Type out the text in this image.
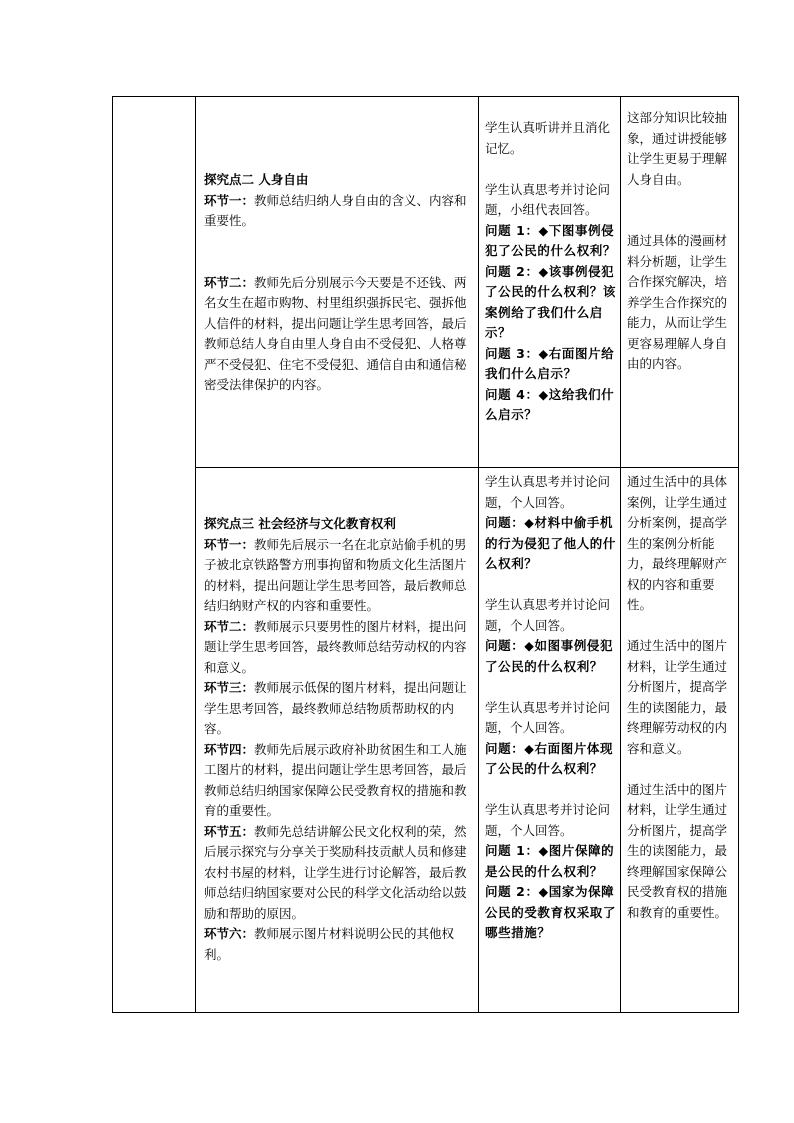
探究点二 人身自由

环节一：教师总结归纳人身自由的含义、内容和重要性。

环节二：教师先后分别展示今天要是不还钱、两名女生在超市购物、村里组织强拆民宅、强拆他人信件的材料，提出问题让学生思考回答，最后教师总结人身自由里人身自由不受侵犯、人格尊严不受侵犯、住宅不受侵犯、通信自由和通信秘密受法律保护的内容。

学生认真听讲并且消化记忆。

学生认真思考并讨论问题，小组代表回答。

问题 1：◆下图事例侵犯了公民的什么权利？

问题 2：◆该事例侵犯了公民的什么权利？该案例给了我们什么启示？

问题 3：◆右面图片给我们什么启示？

问题 4：◆这给我们什么启示？

这部分知识比较抽象，通过讲授能够让学生更易于理解人身自由。

通过具体的漫画材料分析题，让学生合作探究解决，培养学生合作探究的能力，从而让学生更容易理解人身自由的内容。

探究点三 社会经济与文化教育权利

环节一：教师先后展示一名在北京站偷手机的男子被北京铁路警方刑事拘留和物质文化生活图片的材料，提出问题让学生思考回答，最后教师总结归纳财产权的内容和重要性。

环节二：教师展示只要男性的图片材料，提出问题让学生思考回答，最终教师总结劳动权的内容和意义。

环节三：教师展示低保的图片材料，提出问题让学生思考回答，最终教师总结物质帮助权的内容。

环节四：教师先后展示政府补助贫困生和工人施工图片的材料，提出问题让学生思考回答，最后教师总结归纳国家保障公民受教育权的措施和教育的重要性。

环节五：教师先总结讲解公民文化权利的荣，然后展示探究与分享关于奖励科技贡献人员和修建农村书屋的材料，让学生进行讨论解答，最后教师总结归纳国家要对公民的科学文化活动给以鼓励和帮助的原因。

环节六：教师展示图片材料说明公民的其他权利。

学生认真思考并讨论问题，个人回答。

问题：◆材料中偷手机的行为侵犯了他人的什么权利？

学生认真思考并讨论问题，个人回答。

问题：◆如图事例侵犯了公民的什么权利？

学生认真思考并讨论问题，个人回答。

问题：◆右面图片体现了公民的什么权利？

学生认真思考并讨论问题，个人回答。

问题 1：◆图片保障的是公民的什么权利？

问题 2：◆国家为保障公民的受教育权采取了哪些措施？

通过生活中的具体案例，让学生通过分析案例，提高学生的案例分析能力，最终理解财产权的内容和重要性。

通过生活中的图片材料，让学生通过分析图片，提高学生的读图能力，最终理解劳动权的内容和意义。

通过生活中的图片材料，让学生通过分析图片，提高学生的读图能力，最终理解国家保障公民受教育权的措施和教育的重要性。
